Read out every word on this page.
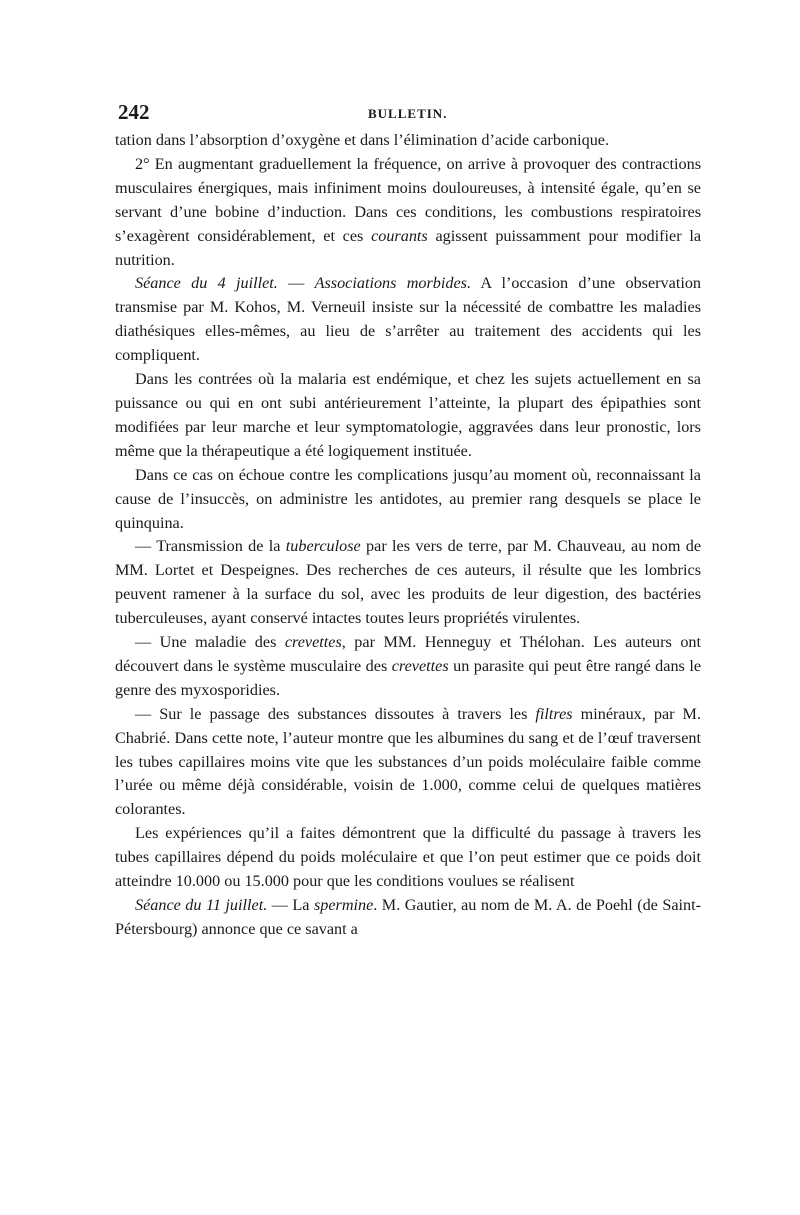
242	BULLETIN.

tation dans l’absorption d’oxygène et dans l’élimination d’acide carbonique.

2° En augmentant graduellement la fréquence, on arrive à provoquer des contractions musculaires énergiques, mais infiniment moins douloureuses, à intensité égale, qu’en se servant d’une bobine d’induction. Dans ces conditions, les combustions respiratoires s’exagèrent considérablement, et ces courants agissent puissamment pour modifier la nutrition.

Séance du 4 juillet. — Associations morbides. A l’occasion d’une observation transmise par M. Kohos, M. Verneuil insiste sur la nécessité de combattre les maladies diathésiques elles-mêmes, au lieu de s’arrêter au traitement des accidents qui les compliquent.

Dans les contrées où la malaria est endémique, et chez les sujets actuellement en sa puissance ou qui en ont subi antérieurement l’atteinte, la plupart des épipathies sont modifiées par leur marche et leur symptomatologie, aggravées dans leur pronostic, lors même que la thérapeutique a été logiquement instituée.

Dans ce cas on échoue contre les complications jusqu’au moment où, reconnaissant la cause de l’insuccès, on administre les antidotes, au premier rang desquels se place le quinquina.

— Transmission de la tuberculose par les vers de terre, par M. Chauveau, au nom de MM. Lortet et Despeignes. Des recherches de ces auteurs, il résulte que les lombrics peuvent ramener à la surface du sol, avec les produits de leur digestion, des bactéries tuberculeuses, ayant conservé intactes toutes leurs propriétés virulentes.

— Une maladie des crevettes, par MM. Henneguy et Thélohan. Les auteurs ont découvert dans le système musculaire des crevettes un parasite qui peut être rangé dans le genre des myxosporidies.

— Sur le passage des substances dissoutes à travers les filtres minéraux, par M. Chabrié. Dans cette note, l’auteur montre que les albumines du sang et de l’œuf traversent les tubes capillaires moins vite que les substances d’un poids moléculaire faible comme l’urée ou même déjà considérable, voisin de 1.000, comme celui de quelques matières colorantes.

Les expériences qu’il a faites démontrent que la difficulté du passage à travers les tubes capillaires dépend du poids moléculaire et que l’on peut estimer que ce poids doit atteindre 10.000 ou 15.000 pour que les conditions voulues se réalisent

Séance du 11 juillet. — La spermine. M. Gautier, au nom de M. A. de Poehl (de Saint-Pétersbourg) annonce que ce savant a
